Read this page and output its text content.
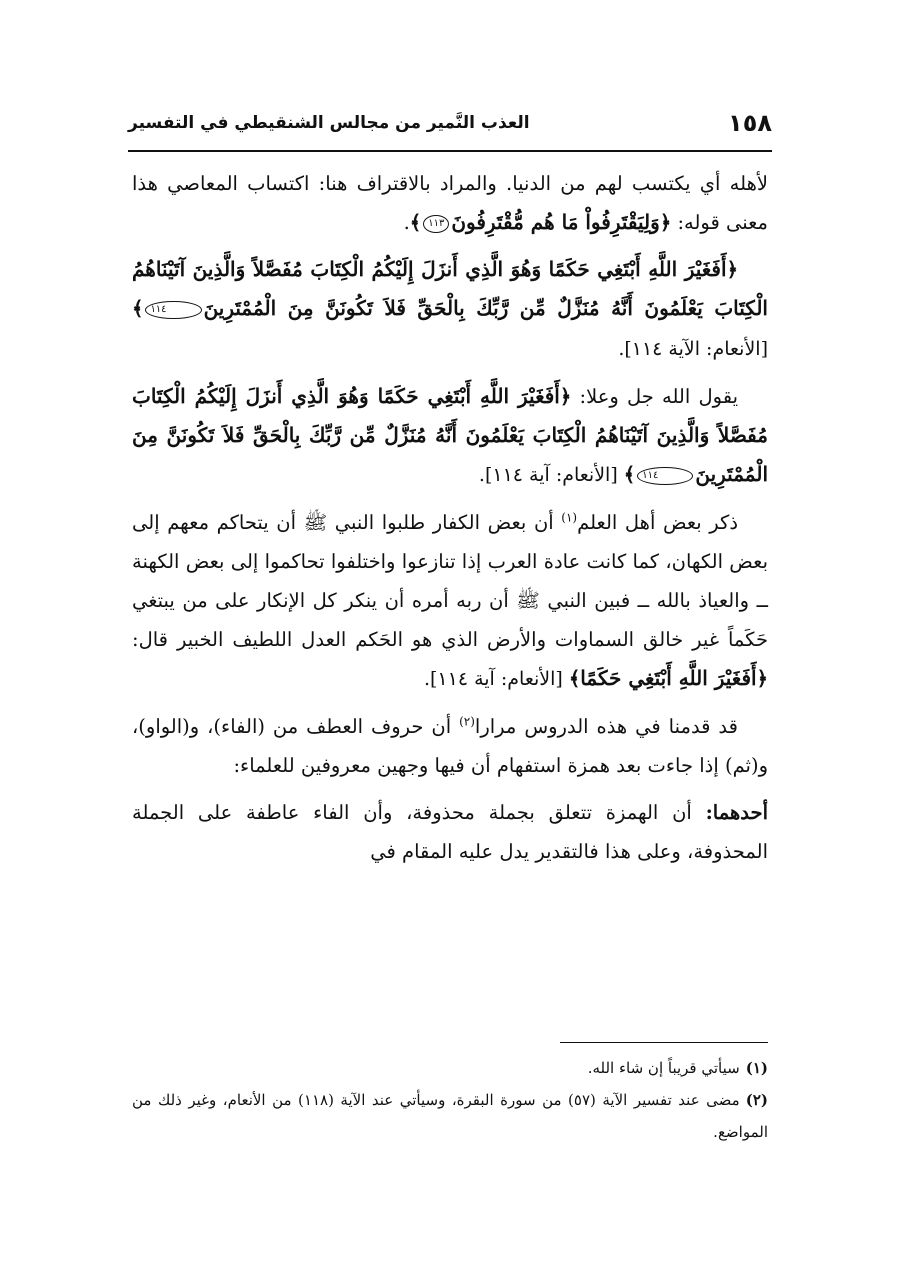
١٥٨
العذب النَّمير من مجالس الشنقيطي في التفسير

لأهله أي يكتسب لهم من الدنيا. والمراد بالاقتراف هنا: اكتساب المعاصي هذا معنى قوله: ﴿وَلِيَقْتَرِفُواْ مَا هُم مُّقْتَرِفُونَ١١٣﴾.

﴿أَفَغَيْرَ اللَّهِ أَبْتَغِي حَكَمًا وَهُوَ الَّذِي أَنزَلَ إِلَيْكُمُ الْكِتَابَ مُفَصَّلاً وَالَّذِينَ آتَيْنَاهُمُ الْكِتَابَ يَعْلَمُونَ أَنَّهُ مُنَزَّلٌ مِّن رَّبِّكَ بِالْحَقِّ فَلاَ تَكُونَنَّ مِنَ الْمُمْتَرِينَ١١٤﴾ [الأنعام: الآية ١١٤].

يقول الله جل وعلا: ﴿أَفَغَيْرَ اللَّهِ أَبْتَغِي حَكَمًا وَهُوَ الَّذِي أَنزَلَ إِلَيْكُمُ الْكِتَابَ مُفَصَّلاً وَالَّذِينَ آتَيْنَاهُمُ الْكِتَابَ يَعْلَمُونَ أَنَّهُ مُنَزَّلٌ مِّن رَّبِّكَ بِالْحَقِّ فَلاَ تَكُونَنَّ مِنَ الْمُمْتَرِينَ١١٤﴾ [الأنعام: آية ١١٤].

ذكر بعض أهل العلم$^{(١)}$ أن بعض الكفار طلبوا النبي ﷺ أن يتحاكم معهم إلى بعض الكهان، كما كانت عادة العرب إذا تنازعوا واختلفوا تحاكموا إلى بعض الكهنة ــ والعياذ بالله ــ فبين النبي ﷺ أن ربه أمره أن ينكر كل الإنكار على من يبتغي حَكَماً غير خالق السماوات والأرض الذي هو الحَكم العدل اللطيف الخبير قال: ﴿أَفَغَيْرَ اللَّهِ أَبْتَغِي حَكَمًا﴾ [الأنعام: آية ١١٤].

قد قدمنا في هذه الدروس مرارا$^{(٢)}$ أن حروف العطف من (الفاء)، و(الواو)، و(ثم) إذا جاءت بعد همزة استفهام أن فيها وجهين معروفين للعلماء:

أحدهما: أن الهمزة تتعلق بجملة محذوفة، وأن الفاء عاطفة على الجملة المحذوفة، وعلى هذا فالتقدير يدل عليه المقام في

(١)سيأتي قريباً إن شاء الله.

(٢)مضى عند تفسير الآية (٥٧) من سورة البقرة، وسيأتي عند الآية (١١٨) من الأنعام، وغير ذلك من المواضع.
